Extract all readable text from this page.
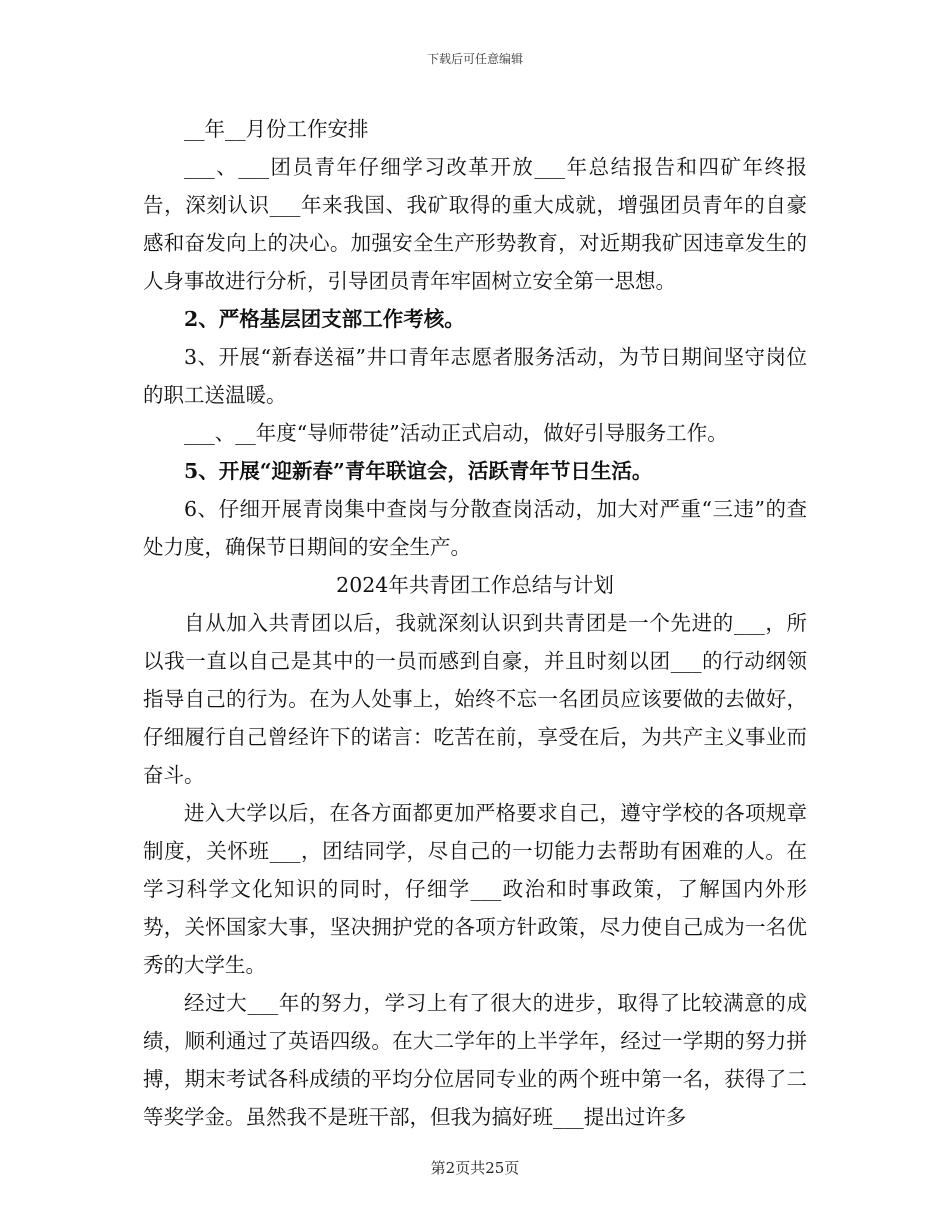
下载后可任意编辑

__年__月份工作安排

___、___团员青年仔细学习改革开放___年总结报告和四矿年终报告，深刻认识___年来我国、我矿取得的重大成就，增强团员青年的自豪感和奋发向上的决心。加强安全生产形势教育，对近期我矿因违章发生的人身事故进行分析，引导团员青年牢固树立安全第一思想。

2、严格基层团支部工作考核。

3、开展“新春送福”井口青年志愿者服务活动，为节日期间坚守岗位的职工送温暖。

___、__年度“导师带徒”活动正式启动，做好引导服务工作。

5、开展“迎新春”青年联谊会，活跃青年节日生活。

6、仔细开展青岗集中查岗与分散查岗活动，加大对严重“三违”的查处力度，确保节日期间的安全生产。

2024年共青团工作总结与计划

自从加入共青团以后，我就深刻认识到共青团是一个先进的___，所以我一直以自己是其中的一员而感到自豪，并且时刻以团___的行动纲领指导自己的行为。在为人处事上，始终不忘一名团员应该要做的去做好，仔细履行自己曾经许下的诺言：吃苦在前，享受在后，为共产主义事业而奋斗。

进入大学以后，在各方面都更加严格要求自己，遵守学校的各项规章制度，关怀班___，团结同学，尽自己的一切能力去帮助有困难的人。在学习科学文化知识的同时，仔细学___政治和时事政策，了解国内外形势，关怀国家大事，坚决拥护党的各项方针政策，尽力使自己成为一名优秀的大学生。

经过大___年的努力，学习上有了很大的进步，取得了比较满意的成绩，顺利通过了英语四级。在大二学年的上半学年，经过一学期的努力拼搏，期末考试各科成绩的平均分位居同专业的两个班中第一名，获得了二等奖学金。虽然我不是班干部，但我为搞好班___提出过许多

第2页共25页
